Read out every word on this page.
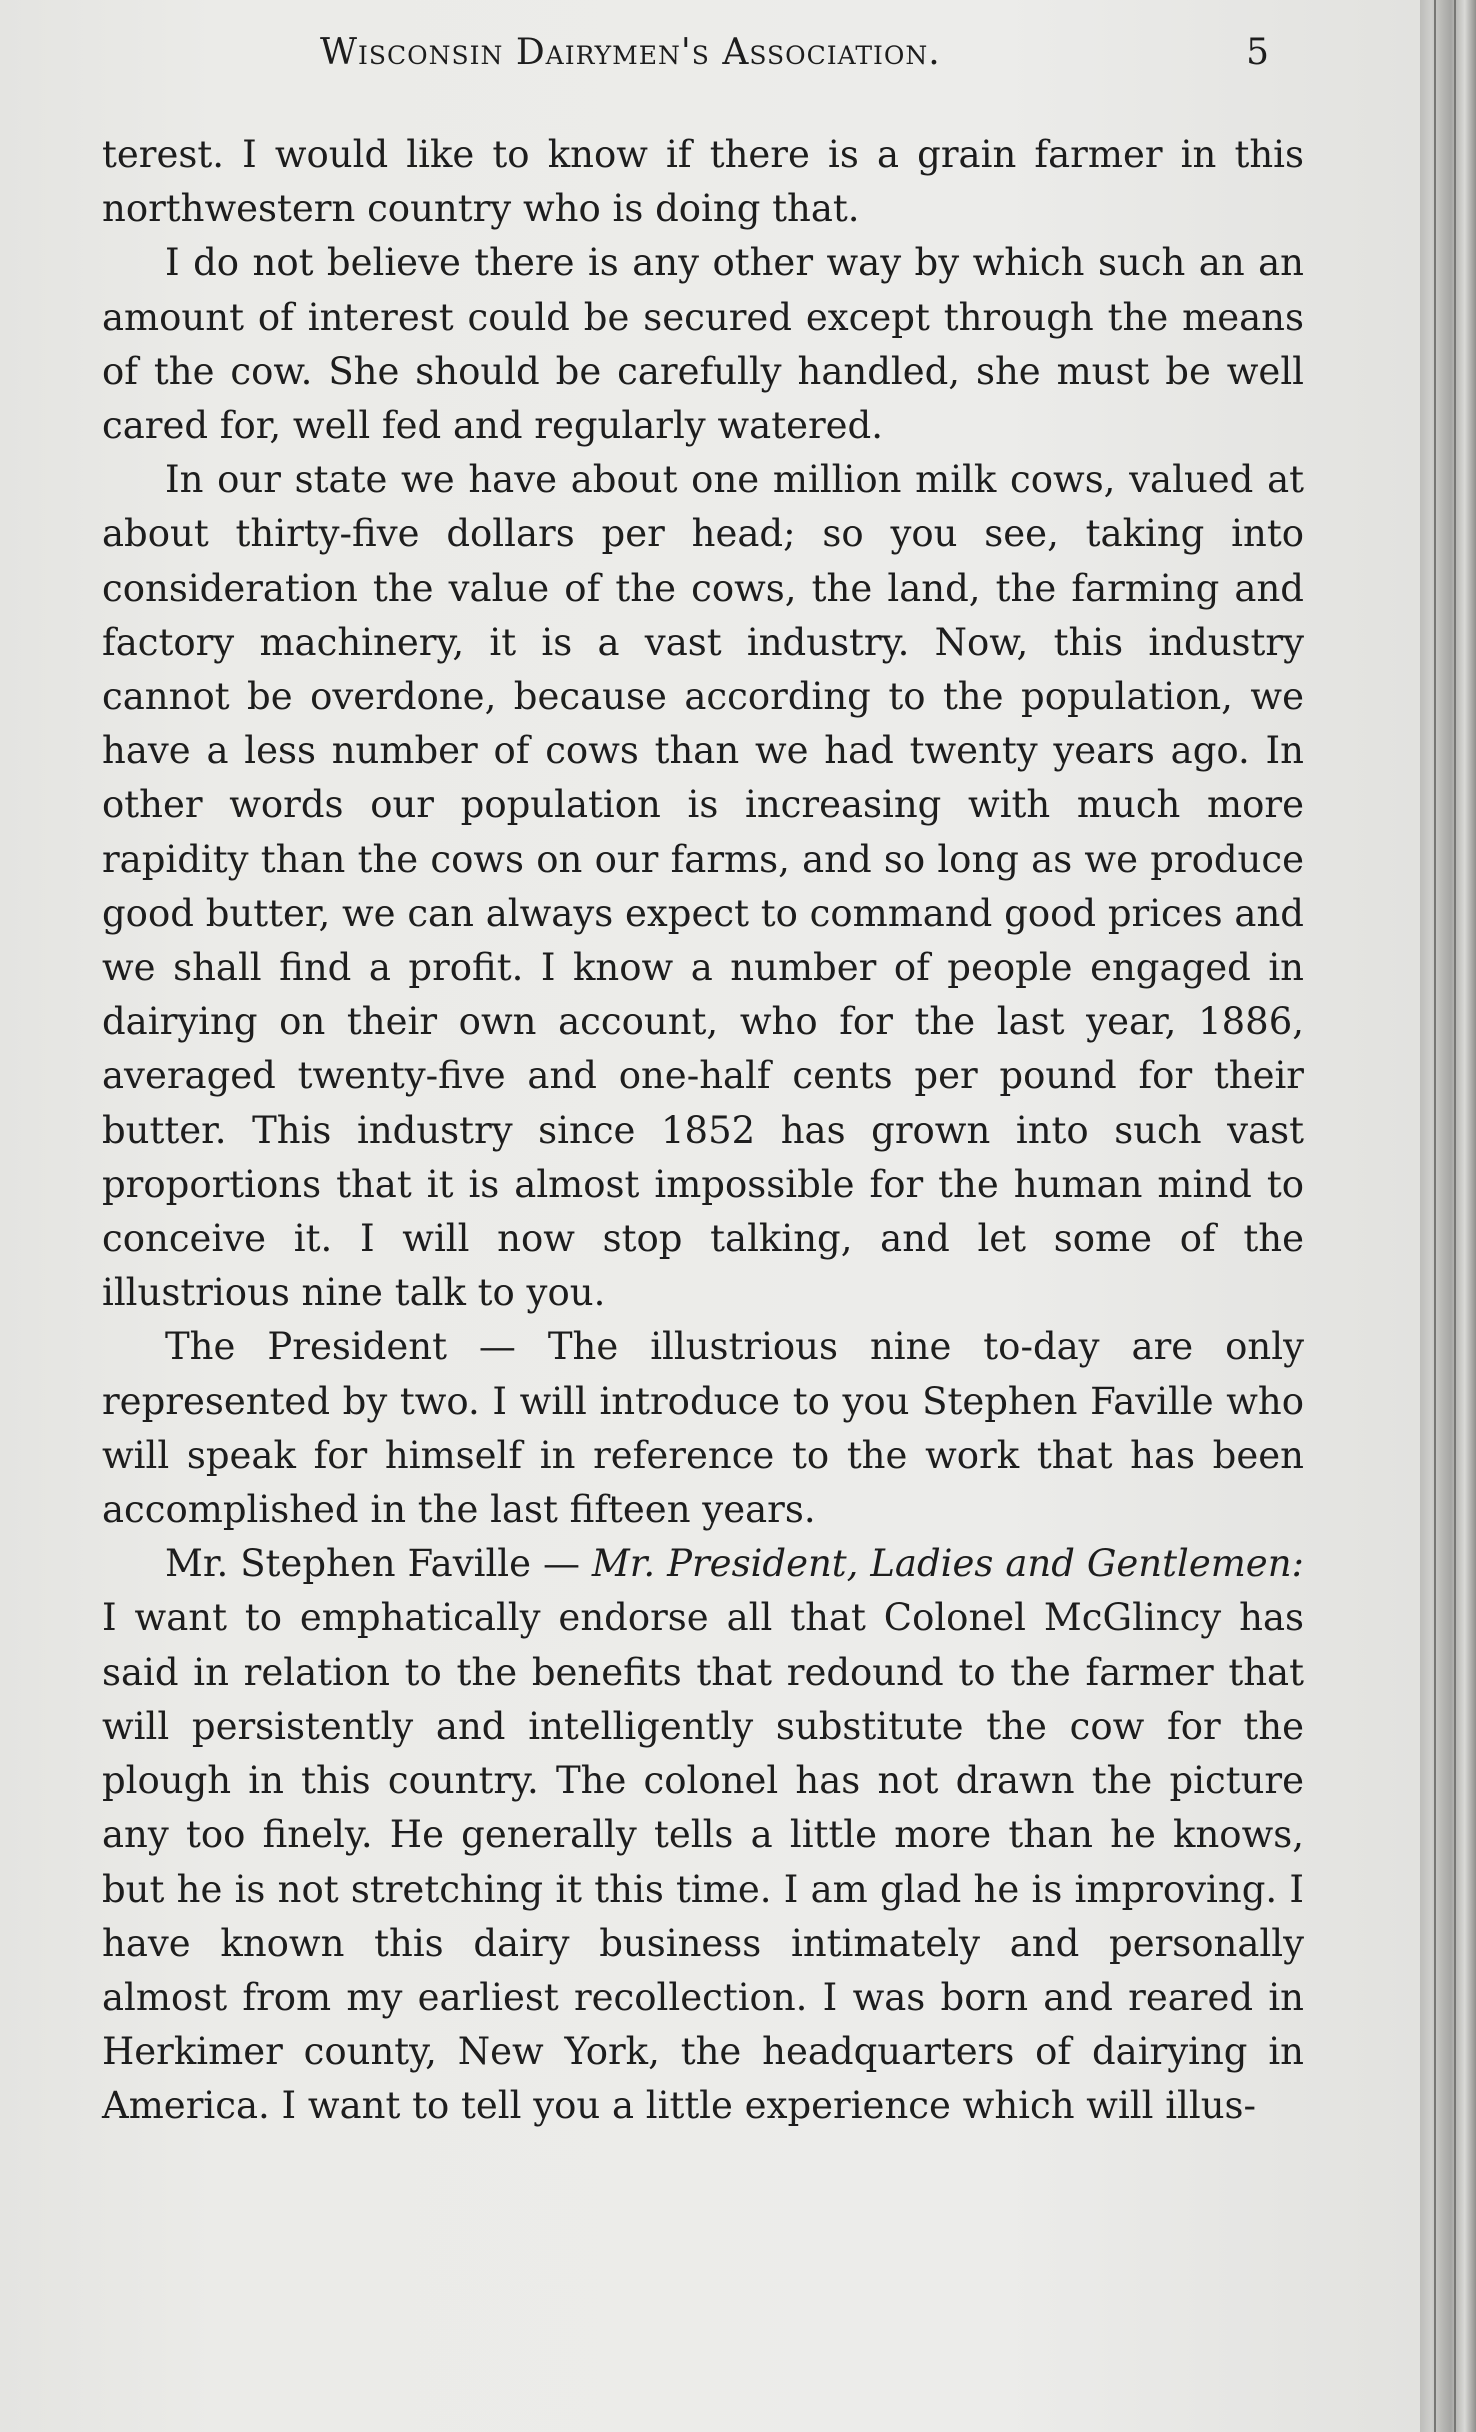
Wisconsin Dairymen's Association.	5

terest. I would like to know if there is a grain farmer in this northwestern country who is doing that.

I do not believe there is any other way by which such an an amount of interest could be secured except through the means of the cow. She should be carefully handled, she must be well cared for, well fed and regularly watered.

In our state we have about one million milk cows, valued at about thirty-five dollars per head; so you see, taking into consideration the value of the cows, the land, the farming and factory machinery, it is a vast industry. Now, this industry cannot be overdone, because according to the population, we have a less number of cows than we had twenty years ago. In other words our population is increasing with much more rapidity than the cows on our farms, and so long as we produce good butter, we can always expect to command good prices and we shall find a profit. I know a number of people engaged in dairying on their own account, who for the last year, 1886, averaged twenty-five and one-half cents per pound for their butter. This industry since 1852 has grown into such vast proportions that it is almost impossible for the human mind to conceive it. I will now stop talking, and let some of the illustrious nine talk to you.

The President — The illustrious nine to-day are only represented by two. I will introduce to you Stephen Faville who will speak for himself in reference to the work that has been accomplished in the last fifteen years.

Mr. Stephen Faville — Mr. President, Ladies and Gentlemen: I want to emphatically endorse all that Colonel McGlincy has said in relation to the benefits that redound to the farmer that will persistently and intelligently substitute the cow for the plough in this country. The colonel has not drawn the picture any too finely. He generally tells a little more than he knows, but he is not stretching it this time. I am glad he is improving. I have known this dairy business intimately and personally almost from my earliest recollection. I was born and reared in Herkimer county, New York, the headquarters of dairying in America. I want to tell you a little experience which will illus-
